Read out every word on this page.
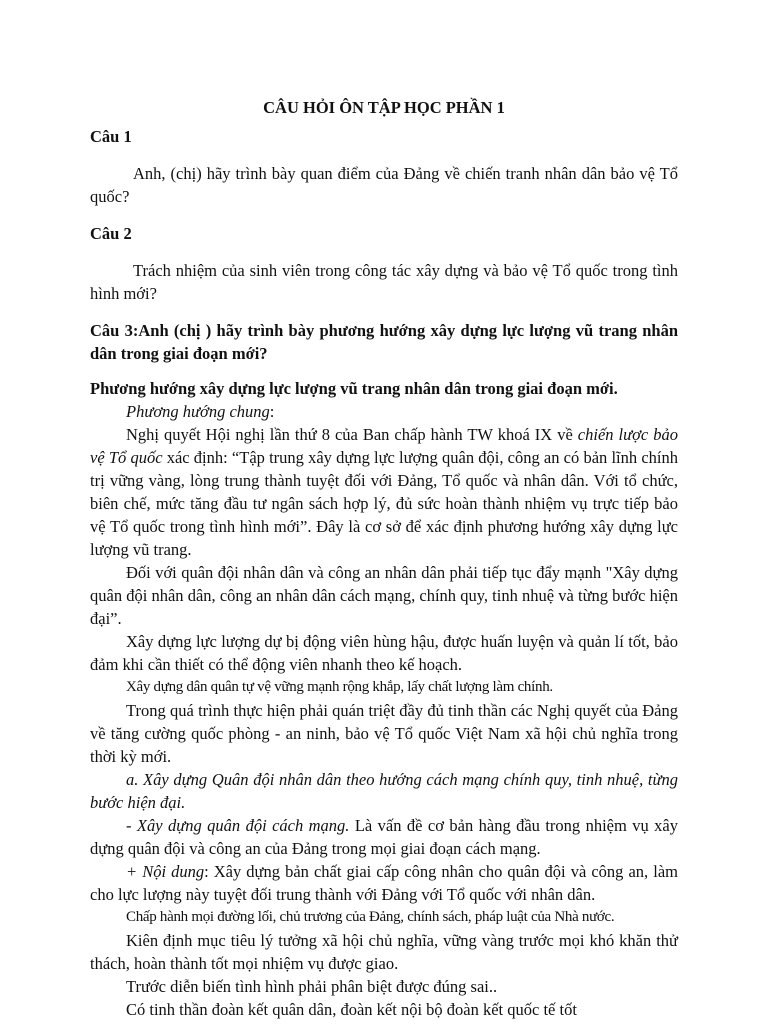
CÂU HỎI ÔN TẬP HỌC PHẦN 1
Câu 1
Anh, (chị) hãy trình bày quan điểm của Đảng về chiến tranh nhân dân bảo vệ Tổ quốc?
Câu 2
Trách nhiệm của sinh viên trong công tác xây dựng và bảo vệ Tổ quốc trong tình hình mới?
Câu 3:Anh (chị ) hãy trình bày phương hướng xây dựng lực lượng vũ trang nhân dân trong giai đoạn mới?
Phương hướng xây dựng lực lượng vũ trang nhân dân trong giai đoạn mới.

Phương hướng chung:

Nghị quyết Hội nghị lần thứ 8 của Ban chấp hành TW khoá IX về chiến lược bảo vệ Tổ quốc xác định: “Tập trung xây dựng lực lượng quân đội, công an có bản lĩnh chính trị vững vàng, lòng trung thành tuyệt đối với Đảng, Tổ quốc và nhân dân. Với tổ chức, biên chế, mức tăng đầu tư ngân sách hợp lý, đủ sức hoàn thành nhiệm vụ trực tiếp bảo vệ Tổ quốc trong tình hình mới”. Đây là cơ sở để xác định phương hướng xây dựng lực lượng vũ trang.

Đối với quân đội nhân dân và công an nhân dân phải tiếp tục đẩy mạnh "Xây dựng quân đội nhân dân, công an nhân dân cách mạng, chính quy, tinh nhuệ và từng bước hiện đại”.

Xây dựng lực lượng dự bị động viên hùng hậu, được huấn luyện và quản lí tốt, bảo đảm khi cần thiết có thể động viên nhanh theo kế hoạch.

Xây dựng dân quân tự vệ vững mạnh rộng khắp, lấy chất lượng làm chính.

Trong quá trình thực hiện phải quán triệt đầy đủ tinh thần các Nghị quyết của Đảng về tăng cường quốc phòng - an ninh, bảo vệ Tổ quốc Việt Nam xã hội chủ nghĩa trong thời kỳ mới.

a. Xây dựng Quân đội nhân dân theo hướng cách mạng chính quy, tinh nhuệ, từng bước hiện đại.

- Xây dựng quân đội cách mạng. Là vấn đề cơ bản hàng đầu trong nhiệm vụ xây dựng quân đội và công an của Đảng trong mọi giai đoạn cách mạng.

+ Nội dung: Xây dựng bản chất giai cấp công nhân cho quân đội và công an, làm cho lực lượng này tuyệt đối trung thành với Đảng với Tổ quốc với nhân dân.

Chấp hành mọi đường lối, chủ trương của Đảng, chính sách, pháp luật của Nhà nước.

Kiên định mục tiêu lý tưởng xã hội chủ nghĩa, vững vàng trước mọi khó khăn thử thách, hoàn thành tốt mọi nhiệm vụ được giao.

Trước diễn biến tình hình phải phân biệt được đúng sai..

Có tinh thần đoàn kết quân dân, đoàn kết nội bộ đoàn kết quốc tế tốt
